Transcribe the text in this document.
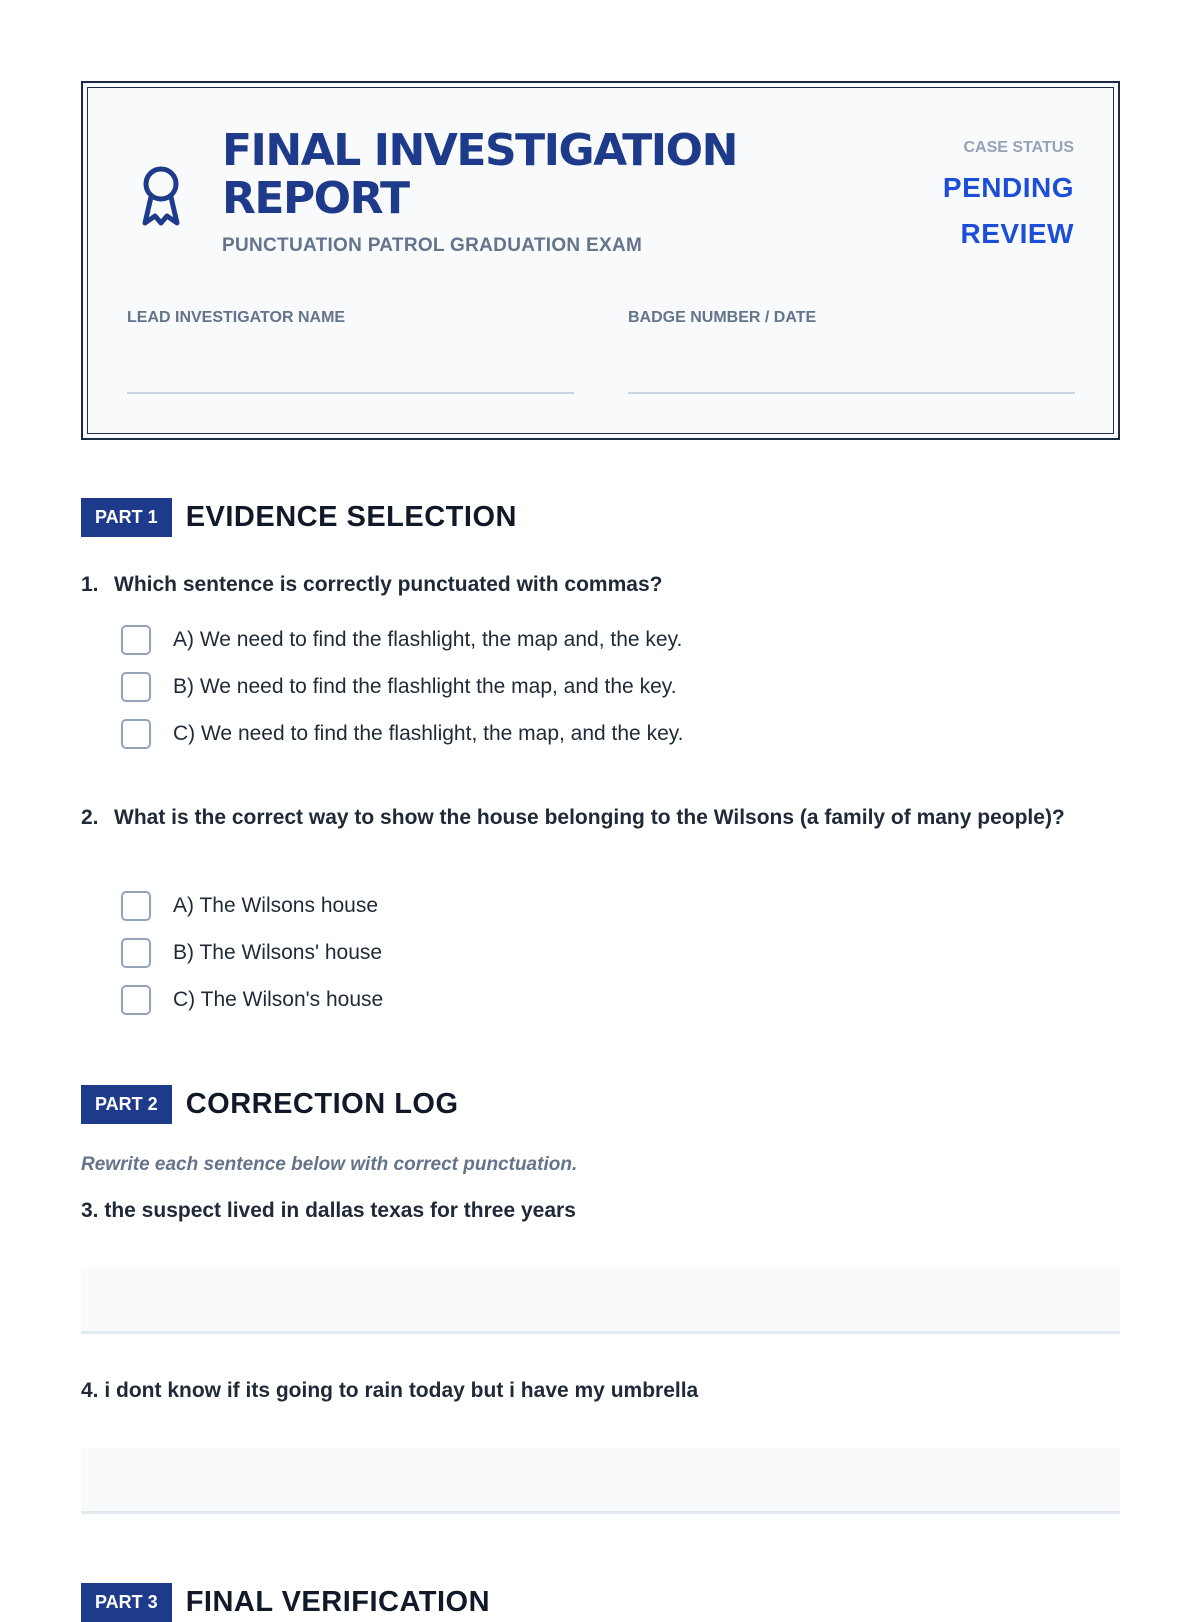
FINAL INVESTIGATION REPORT
PUNCTUATION PATROL GRADUATION EXAM
CASE STATUS
PENDING REVIEW
LEAD INVESTIGATOR NAME	BADGE NUMBER / DATE
PART 1 EVIDENCE SELECTION
1. Which sentence is correctly punctuated with commas?
A) We need to find the flashlight, the map and, the key.
B) We need to find the flashlight the map, and the key.
C) We need to find the flashlight, the map, and the key.
2. What is the correct way to show the house belonging to the Wilsons (a family of many people)?
A) The Wilsons house
B) The Wilsons' house
C) The Wilson's house
PART 2 CORRECTION LOG
Rewrite each sentence below with correct punctuation.
3. the suspect lived in dallas texas for three years
4. i dont know if its going to rain today but i have my umbrella
PART 3 FINAL VERIFICATION
